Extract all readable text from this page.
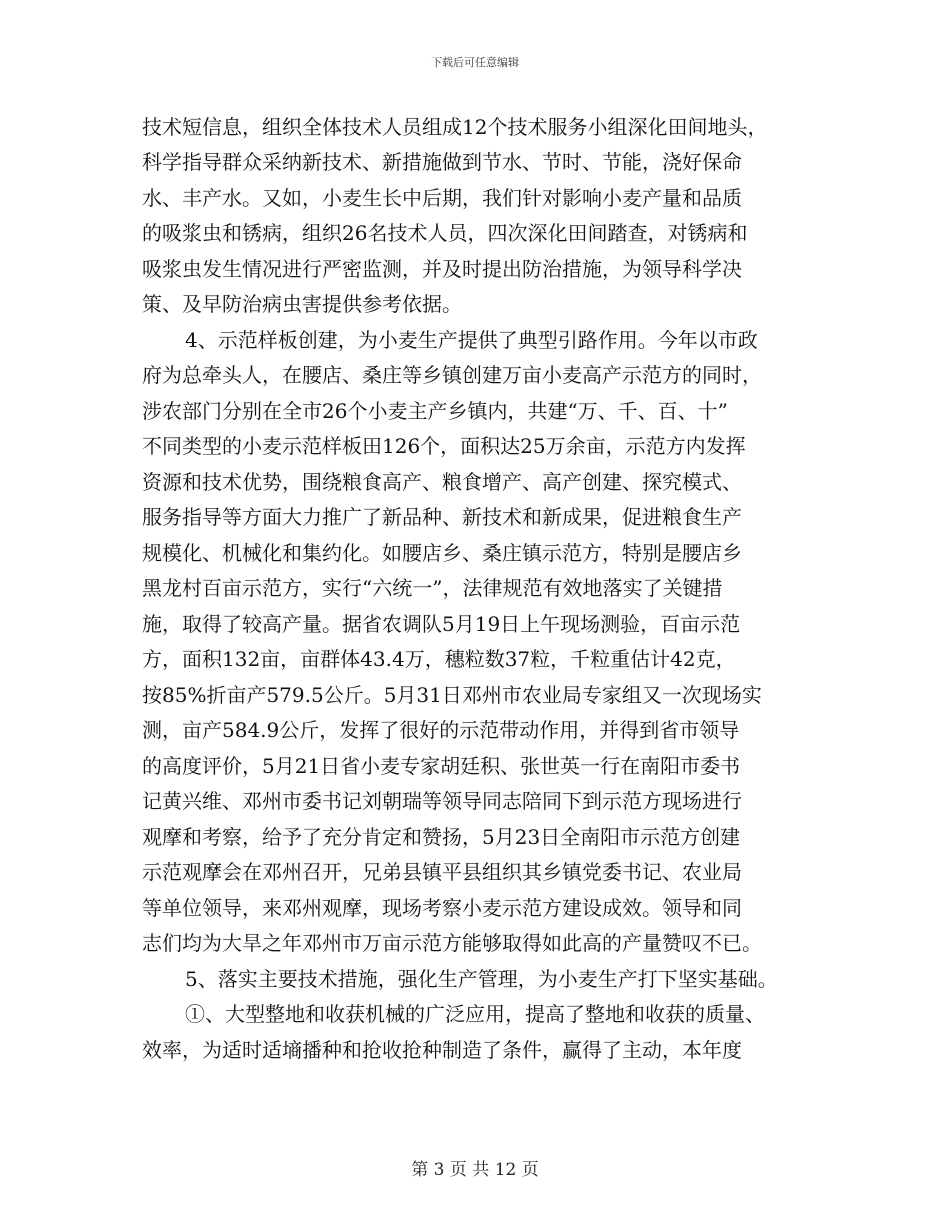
下载后可任意编辑
技术短信息，组织全体技术人员组成12个技术服务小组深化田间地头，
科学指导群众采纳新技术、新措施做到节水、节时、节能，浇好保命
水、丰产水。又如，小麦生长中后期，我们针对影响小麦产量和品质
的吸浆虫和锈病，组织26名技术人员，四次深化田间踏查，对锈病和
吸浆虫发生情况进行严密监测，并及时提出防治措施，为领导科学决
策、及早防治病虫害提供参考依据。
4、示范样板创建，为小麦生产提供了典型引路作用。今年以市政
府为总牵头人，在腰店、桑庄等乡镇创建万亩小麦高产示范方的同时，
涉农部门分别在全市26个小麦主产乡镇内，共建“万、千、百、十”
不同类型的小麦示范样板田126个，面积达25万余亩，示范方内发挥
资源和技术优势，围绕粮食高产、粮食增产、高产创建、探究模式、
服务指导等方面大力推广了新品种、新技术和新成果，促进粮食生产
规模化、机械化和集约化。如腰店乡、桑庄镇示范方，特别是腰店乡
黑龙村百亩示范方，实行“六统一”，法律规范有效地落实了关键措
施，取得了较高产量。据省农调队5月19日上午现场测验，百亩示范
方，面积132亩，亩群体43.4万，穗粒数37粒，千粒重估计42克，
按85%折亩产579.5公斤。5月31日邓州市农业局专家组又一次现场实
测，亩产584.9公斤，发挥了很好的示范带动作用，并得到省市领导
的高度评价，5月21日省小麦专家胡廷积、张世英一行在南阳市委书
记黄兴维、邓州市委书记刘朝瑞等领导同志陪同下到示范方现场进行
观摩和考察，给予了充分肯定和赞扬，5月23日全南阳市示范方创建
示范观摩会在邓州召开，兄弟县镇平县组织其乡镇党委书记、农业局
等单位领导，来邓州观摩，现场考察小麦示范方建设成效。领导和同
志们均为大旱之年邓州市万亩示范方能够取得如此高的产量赞叹不已。
5、落实主要技术措施，强化生产管理，为小麦生产打下坚实基础。
①、大型整地和收获机械的广泛应用，提高了整地和收获的质量、
效率，为适时适墒播种和抢收抢种制造了条件，赢得了主动，本年度
第 3 页 共 12 页
